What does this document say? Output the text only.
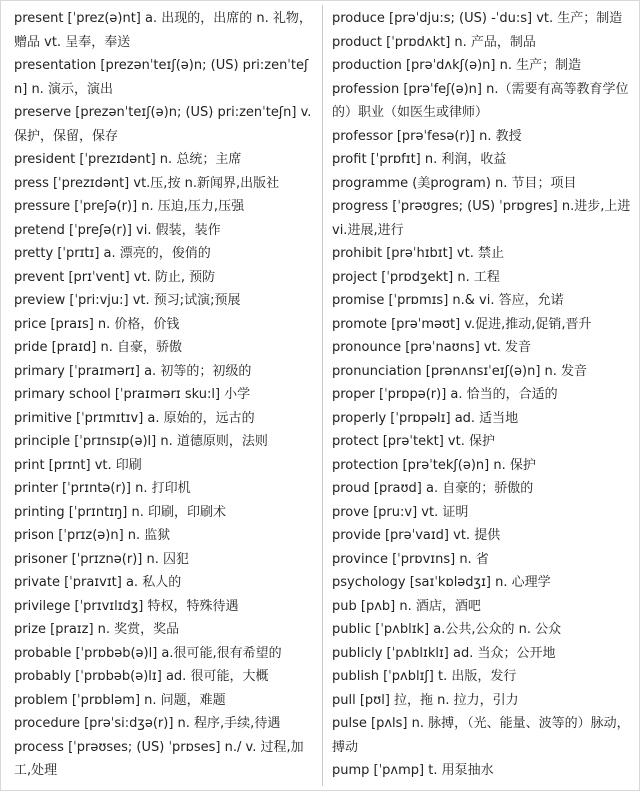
present [ˈprez(ə)nt] a. 出现的，出席的 n. 礼物，赠品 vt. 呈奉，奉送
presentation [prezənˈteɪʃ(ə)n; (US) pri:zenˈteʃn] n. 演示，演出
preserve [prezənˈteɪʃ(ə)n; (US) pri:zenˈteʃn] v.保护，保留，保存
president [ˈprezɪdənt] n. 总统；主席
press [ˈprezɪdənt] vt.压,按 n.新闻界,出版社
pressure [ˈpreʃə(r)] n. 压迫,压力,压强
pretend [ˈpreʃə(r)] vi. 假装，装作
pretty [ˈprɪtɪ] a. 漂亮的，俊俏的
prevent [prɪˈvent] vt. 防止, 预防
preview [ˈpri:vju:] vt. 预习;试演;预展
price [praɪs] n. 价格，价钱
pride [praɪd] n. 自豪，骄傲
primary [ˈpraɪmərɪ] a. 初等的；初级的
primary school [ˈpraɪmərɪ sku:l] 小学
primitive [ˈprɪmɪtɪv] a. 原始的，远古的
principle [ˈprɪnsɪp(ə)l] n. 道德原则，法则
print [prɪnt] vt. 印刷
printer [ˈprɪntə(r)] n. 打印机
printing [ˈprɪntɪŋ] n. 印刷，印刷术
prison [ˈprɪz(ə)n] n. 监狱
prisoner [ˈprɪznə(r)] n. 囚犯
private [ˈpraɪvɪt] a. 私人的
privilege [ˈprɪvɪlɪdʒ] 特权，特殊待遇
prize [praɪz] n. 奖赏，奖品
probable [ˈprɒbəb(ə)l] a.很可能,很有希望的
probably [ˈprɒbəb(ə)lɪ] ad. 很可能，大概
problem [ˈprɒbləm] n. 问题，难题
procedure [prəˈsi:dʒə(r)] n. 程序,手续,待遇
process [ˈprəʊses; (US) ˈprɒses] n./ v. 过程,加工,处理
produce [prəˈdju:s; (US) -ˈdu:s] vt. 生产；制造
product [ˈprɒdʌkt] n. 产品，制品
production [prəˈdʌkʃ(ə)n] n. 生产；制造
profession [prəˈfeʃ(ə)n] n.（需要有高等教育学位的）职业（如医生或律师）
professor [prəˈfesə(r)] n. 教授
profit [ˈprɒfɪt] n. 利润，收益
programme (美program) n. 节目；项目
progress [ˈprəʊgres; (US) ˈprɒgres] n.进步,上进vi.进展,进行
prohibit [prəˈhɪbɪt] vt. 禁止
project [ˈprɒdʒekt] n. 工程
promise [ˈprɒmɪs] n.& vi. 答应，允诺
promote [prəˈməʊt] v.促进,推动,促销,晋升
pronounce [prəˈnaʊns] vt. 发音
pronunciation [prənʌnsɪˈeɪʃ(ə)n] n. 发音
proper [ˈprɒpə(r)] a. 恰当的，合适的
properly [ˈprɒpəlɪ] ad. 适当地
protect [prəˈtekt] vt. 保护
protection [prəˈtekʃ(ə)n] n. 保护
proud [praʊd] a. 自豪的；骄傲的
prove [pru:v] vt. 证明
provide [prəˈvaɪd] vt. 提供
province [ˈprɒvɪns] n. 省
psychology [saɪˈkɒlədʒɪ] n. 心理学
pub [pʌb] n. 酒店，酒吧
public [ˈpʌblɪk] a.公共,公众的 n. 公众
publicly [ˈpʌblɪklɪ] ad. 当众；公开地
publish [ˈpʌblɪʃ] t. 出版，发行
pull [pʊl] 拉，拖 n. 拉力，引力
pulse [pʌls] n. 脉搏，（光、能量、波等的）脉动，搏动
pump [ˈpʌmp] t. 用泵抽水
